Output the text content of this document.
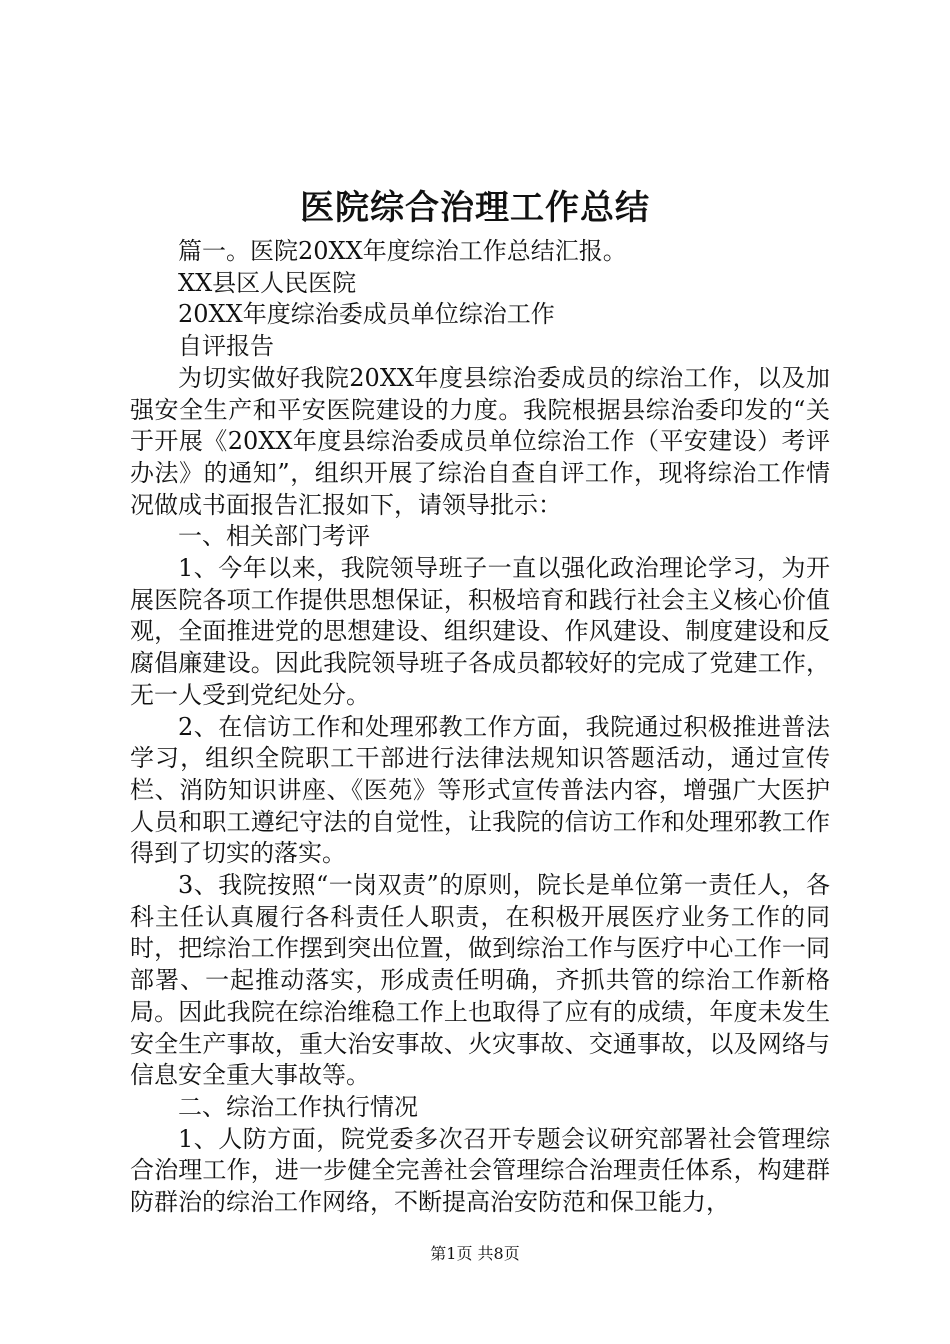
医院综合治理工作总结

篇一。医院20XX年度综治工作总结汇报。

XX县区人民医院

20XX年度综治委成员单位综治工作

自评报告

为切实做好我院20XX年度县综治委成员的综治工作，以及加强安全生产和平安医院建设的力度。我院根据县综治委印发的“关于开展《20XX年度县综治委成员单位综治工作（平安建设）考评办法》的通知”，组织开展了综治自查自评工作，现将综治工作情况做成书面报告汇报如下，请领导批示：

一、相关部门考评

1、今年以来，我院领导班子一直以强化政治理论学习，为开展医院各项工作提供思想保证，积极培育和践行社会主义核心价值观，全面推进党的思想建设、组织建设、作风建设、制度建设和反腐倡廉建设。因此我院领导班子各成员都较好的完成了党建工作，无一人受到党纪处分。

2、在信访工作和处理邪教工作方面，我院通过积极推进普法学习，组织全院职工干部进行法律法规知识答题活动，通过宣传栏、消防知识讲座、《医苑》等形式宣传普法内容，增强广大医护人员和职工遵纪守法的自觉性，让我院的信访工作和处理邪教工作得到了切实的落实。

3、我院按照“一岗双责”的原则，院长是单位第一责任人，各科主任认真履行各科责任人职责，在积极开展医疗业务工作的同时，把综治工作摆到突出位置，做到综治工作与医疗中心工作一同部署、一起推动落实，形成责任明确，齐抓共管的综治工作新格局。因此我院在综治维稳工作上也取得了应有的成绩，年度未发生安全生产事故，重大治安事故、火灾事故、交通事故，以及网络与信息安全重大事故等。

二、综治工作执行情况

1、人防方面，院党委多次召开专题会议研究部署社会管理综合治理工作，进一步健全完善社会管理综合治理责任体系，构建群防群治的综治工作网络，不断提高治安防范和保卫能力，

第1页 共8页
